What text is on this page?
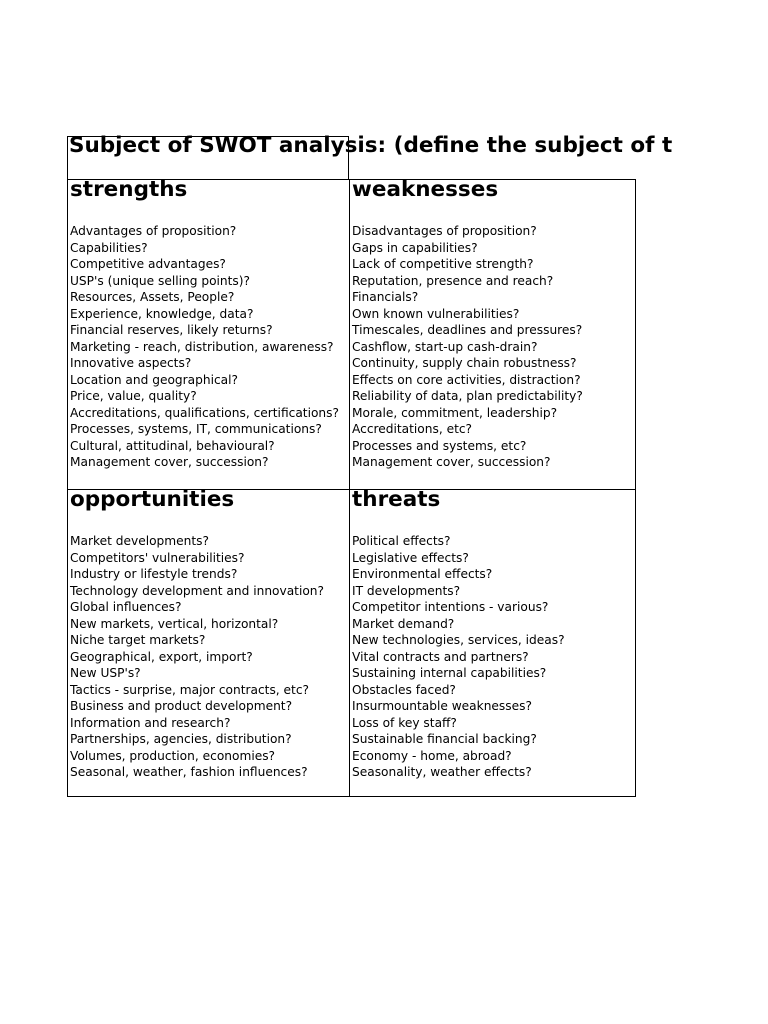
Subject of SWOT analysis: (define the subject of t
strengths
Advantages of proposition?
Capabilities?
Competitive advantages?
USP's (unique selling points)?
Resources, Assets, People?
Experience, knowledge, data?
Financial reserves, likely returns?
Marketing - reach, distribution, awareness?
Innovative aspects?
Location and geographical?
Price, value, quality?
Accreditations, qualifications, certifications?
Processes, systems, IT, communications?
Cultural, attitudinal, behavioural?
Management cover, succession?
weaknesses
Disadvantages of proposition?
Gaps in capabilities?
Lack of competitive strength?
Reputation, presence and reach?
Financials?
Own known vulnerabilities?
Timescales, deadlines and pressures?
Cashflow, start-up cash-drain?
Continuity, supply chain robustness?
Effects on core activities, distraction?
Reliability of data, plan predictability?
Morale, commitment, leadership?
Accreditations, etc?
Processes and systems, etc?
Management cover, succession?
opportunities
Market developments?
Competitors' vulnerabilities?
Industry or lifestyle trends?
Technology development and innovation?
Global influences?
New markets, vertical, horizontal?
Niche target markets?
Geographical, export, import?
New USP's?
Tactics - surprise, major contracts, etc?
Business and product development?
Information and research?
Partnerships, agencies, distribution?
Volumes, production, economies?
Seasonal, weather, fashion influences?
threats
Political effects?
Legislative effects?
Environmental effects?
IT developments?
Competitor intentions - various?
Market demand?
New technologies, services, ideas?
Vital contracts and partners?
Sustaining internal capabilities?
Obstacles faced?
Insurmountable weaknesses?
Loss of key staff?
Sustainable financial backing?
Economy - home, abroad?
Seasonality, weather effects?
